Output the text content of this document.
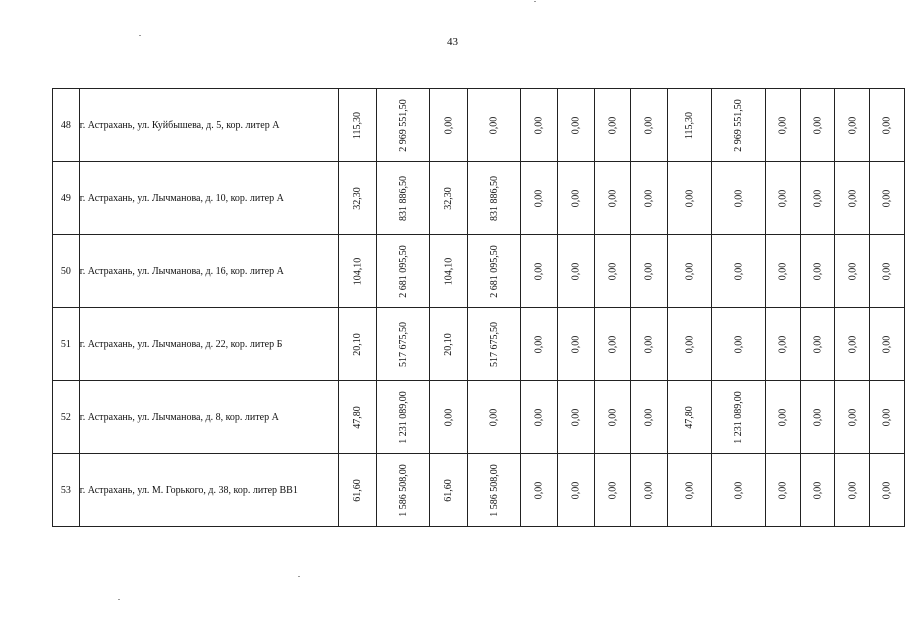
43
48	г. Астрахань, ул. Куйбышева, д. 5, кор. литер А	115,30	2 969 551,50	0,00	0,00	0,00	0,00	0,00	0,00	115,30	2 969 551,50	0,00	0,00	0,00	0,00
49	г. Астрахань, ул. Лычманова, д. 10, кор. литер А	32,30	831 886,50	32,30	831 886,50	0,00	0,00	0,00	0,00	0,00	0,00	0,00	0,00	0,00	0,00
50	г. Астрахань, ул. Лычманова, д. 16, кор. литер А	104,10	2 681 095,50	104,10	2 681 095,50	0,00	0,00	0,00	0,00	0,00	0,00	0,00	0,00	0,00	0,00
51	г. Астрахань, ул. Лычманова, д. 22, кор. литер Б	20,10	517 675,50	20,10	517 675,50	0,00	0,00	0,00	0,00	0,00	0,00	0,00	0,00	0,00	0,00
52	г. Астрахань, ул. Лычманова, д. 8, кор. литер А	47,80	1 231 089,00	0,00	0,00	0,00	0,00	0,00	0,00	47,80	1 231 089,00	0,00	0,00	0,00	0,00
53	г. Астрахань, ул. М. Горького, д. 38, кор. литер ВВ1	61,60	1 586 508,00	61,60	1 586 508,00	0,00	0,00	0,00	0,00	0,00	0,00	0,00	0,00	0,00	0,00
